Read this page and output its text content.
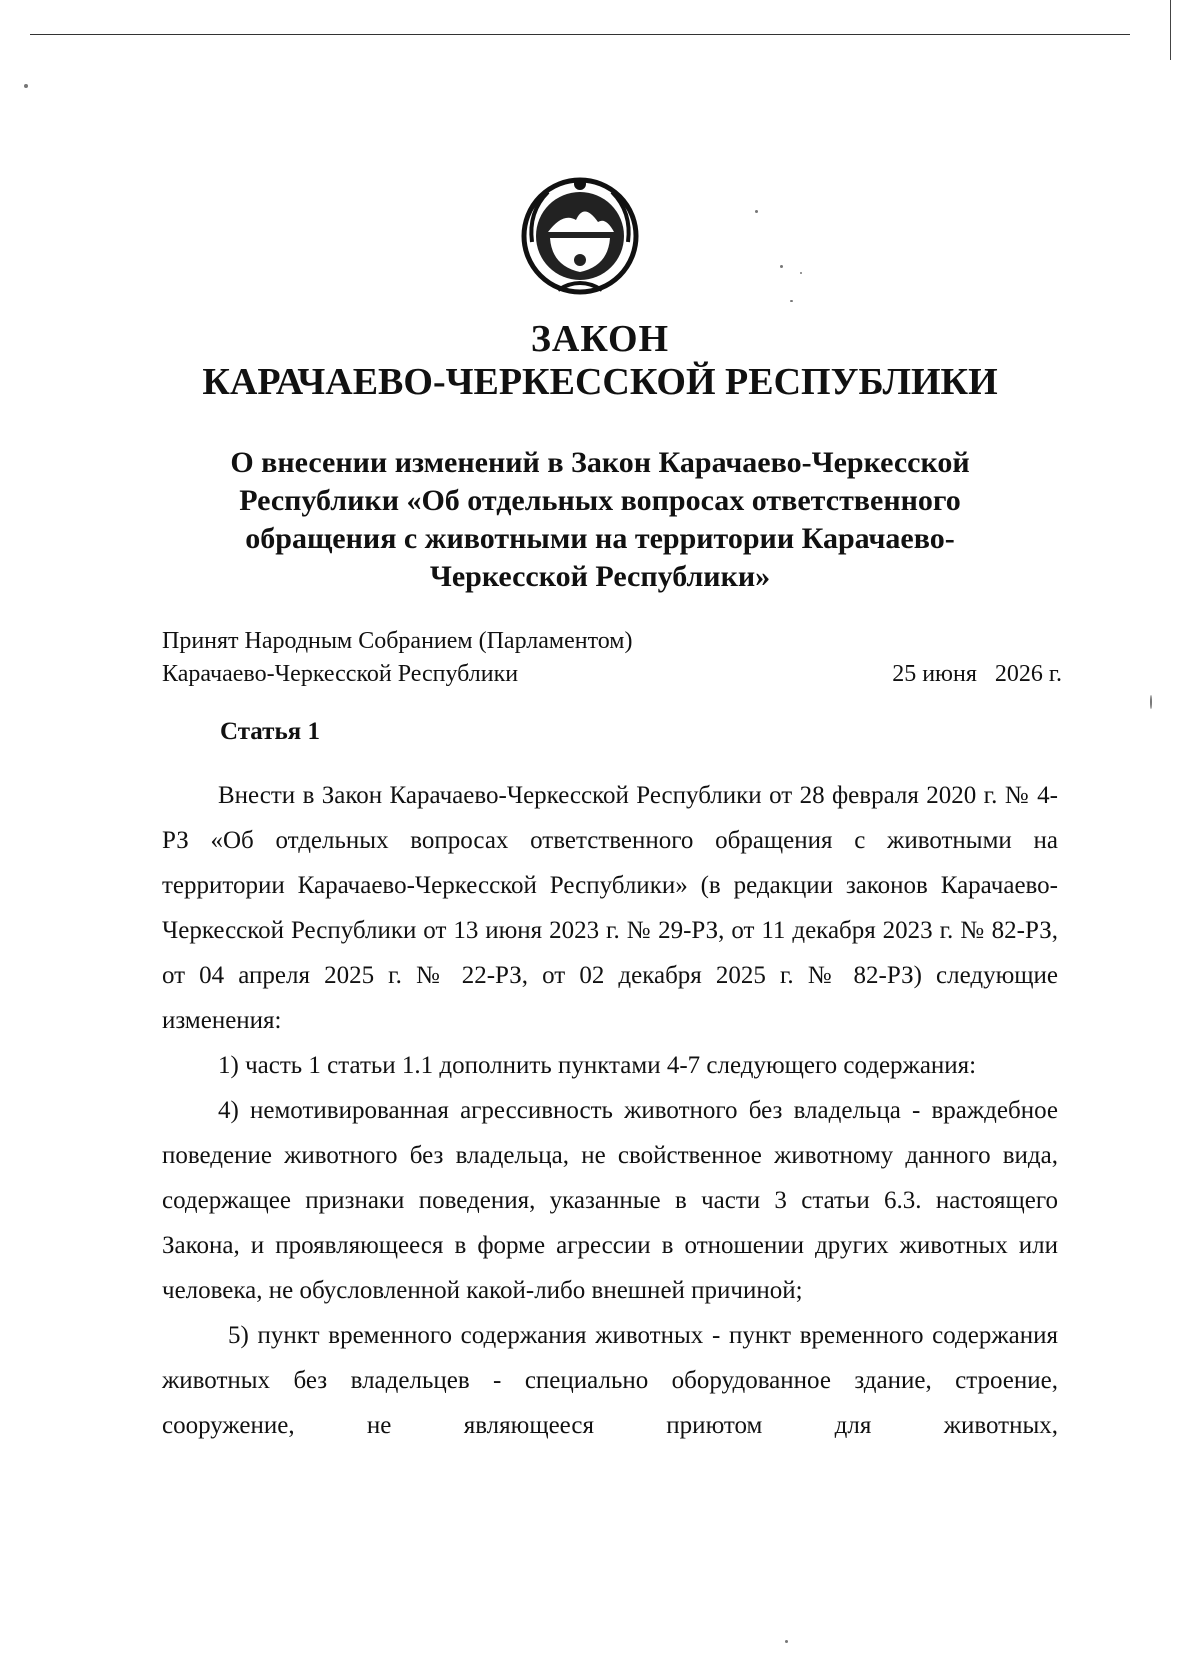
ЗАКОН
КАРАЧАЕВО-ЧЕРКЕССКОЙ РЕСПУБЛИКИ
О внесении изменений в Закон Карачаево-Черкесской Республики «Об отдельных вопросах ответственного обращения с животными на территории Карачаево-Черкесской Республики»
Принят Народным Собранием (Парламентом)
Карачаево-Черкесской Республики	25 июня   2026 г.
Статья 1

Внести в Закон Карачаево-Черкесской Республики от 28 февраля 2020 г. № 4-РЗ «Об отдельных вопросах ответственного обращения с животными на территории Карачаево-Черкесской Республики» (в редакции законов Карачаево-Черкесской Республики от 13 июня 2023 г. № 29-РЗ, от 11 декабря 2023 г. № 82-РЗ, от 04 апреля 2025 г. № 22-РЗ, от 02 декабря 2025 г. № 82-РЗ) следующие изменения:

1) часть 1 статьи 1.1 дополнить пунктами 4-7 следующего содержания:

4) немотивированная агрессивность животного без владельца - враждебное поведение животного без владельца, не свойственное животному данного вида, содержащее признаки поведения, указанные в части 3 статьи 6.3. настоящего Закона, и проявляющееся в форме агрессии в отношении других животных или человека, не обусловленной какой-либо внешней причиной;

5) пункт временного содержания животных - пункт временного содержания животных без владельцев - специально оборудованное здание, строение, сооружение, не являющееся приютом для животных,
